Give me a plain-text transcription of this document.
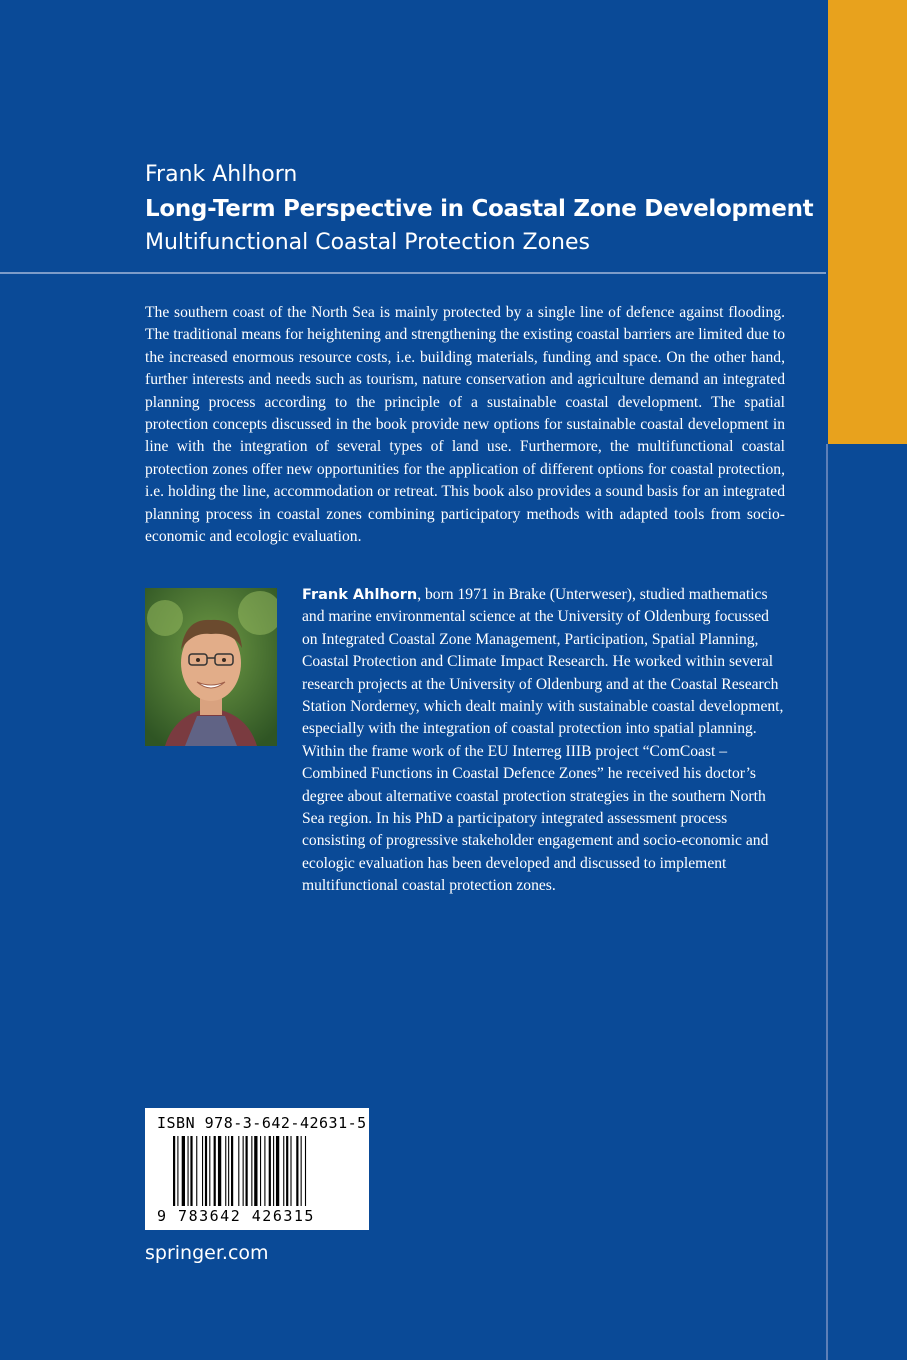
Frank Ahlhorn

Long-Term Perspective in Coastal Zone Development

Multifunctional Coastal Protection Zones

The southern coast of the North Sea is mainly protected by a single line of defence against flooding. The traditional means for heightening and strengthening the existing coastal barriers are limited due to the increased enormous resource costs, i.e. building materials, funding and space. On the other hand, further interests and needs such as tourism, nature conservation and agriculture demand an integrated planning process according to the principle of a sustainable coastal development. The spatial protection concepts discussed in the book provide new options for sustainable coastal development in line with the integration of several types of land use. Furthermore, the multifunctional coastal protection zones offer new opportunities for the application of different options for coastal protection, i.e. holding the line, accommodation or retreat. This book also provides a sound basis for an integrated planning process in coastal zones combining participatory methods with adapted tools from socio-economic and ecologic evaluation.

Frank Ahlhorn, born 1971 in Brake (Unterweser), studied mathematics and marine environmental science at the University of Oldenburg focussed on Integrated Coastal Zone Management, Participation, Spatial Planning, Coastal Protection and Climate Impact Research. He worked within several research projects at the University of Oldenburg and at the Coastal Research Station Norderney, which dealt mainly with sustainable coastal development, especially with the integration of coastal protection into spatial planning. Within the frame work of the EU Interreg IIIB project “ComCoast – Combined Functions in Coastal Defence Zones” he received his doctor’s degree about alternative coastal protection strategies in the southern North Sea region. In his PhD a participatory integrated assessment process consisting of progressive stakeholder engagement and socio-economic and ecologic evaluation has been developed and discussed to implement multifunctional coastal protection zones.

ISBN 978-3-642-42631-5
9 783642 426315

springer.com
